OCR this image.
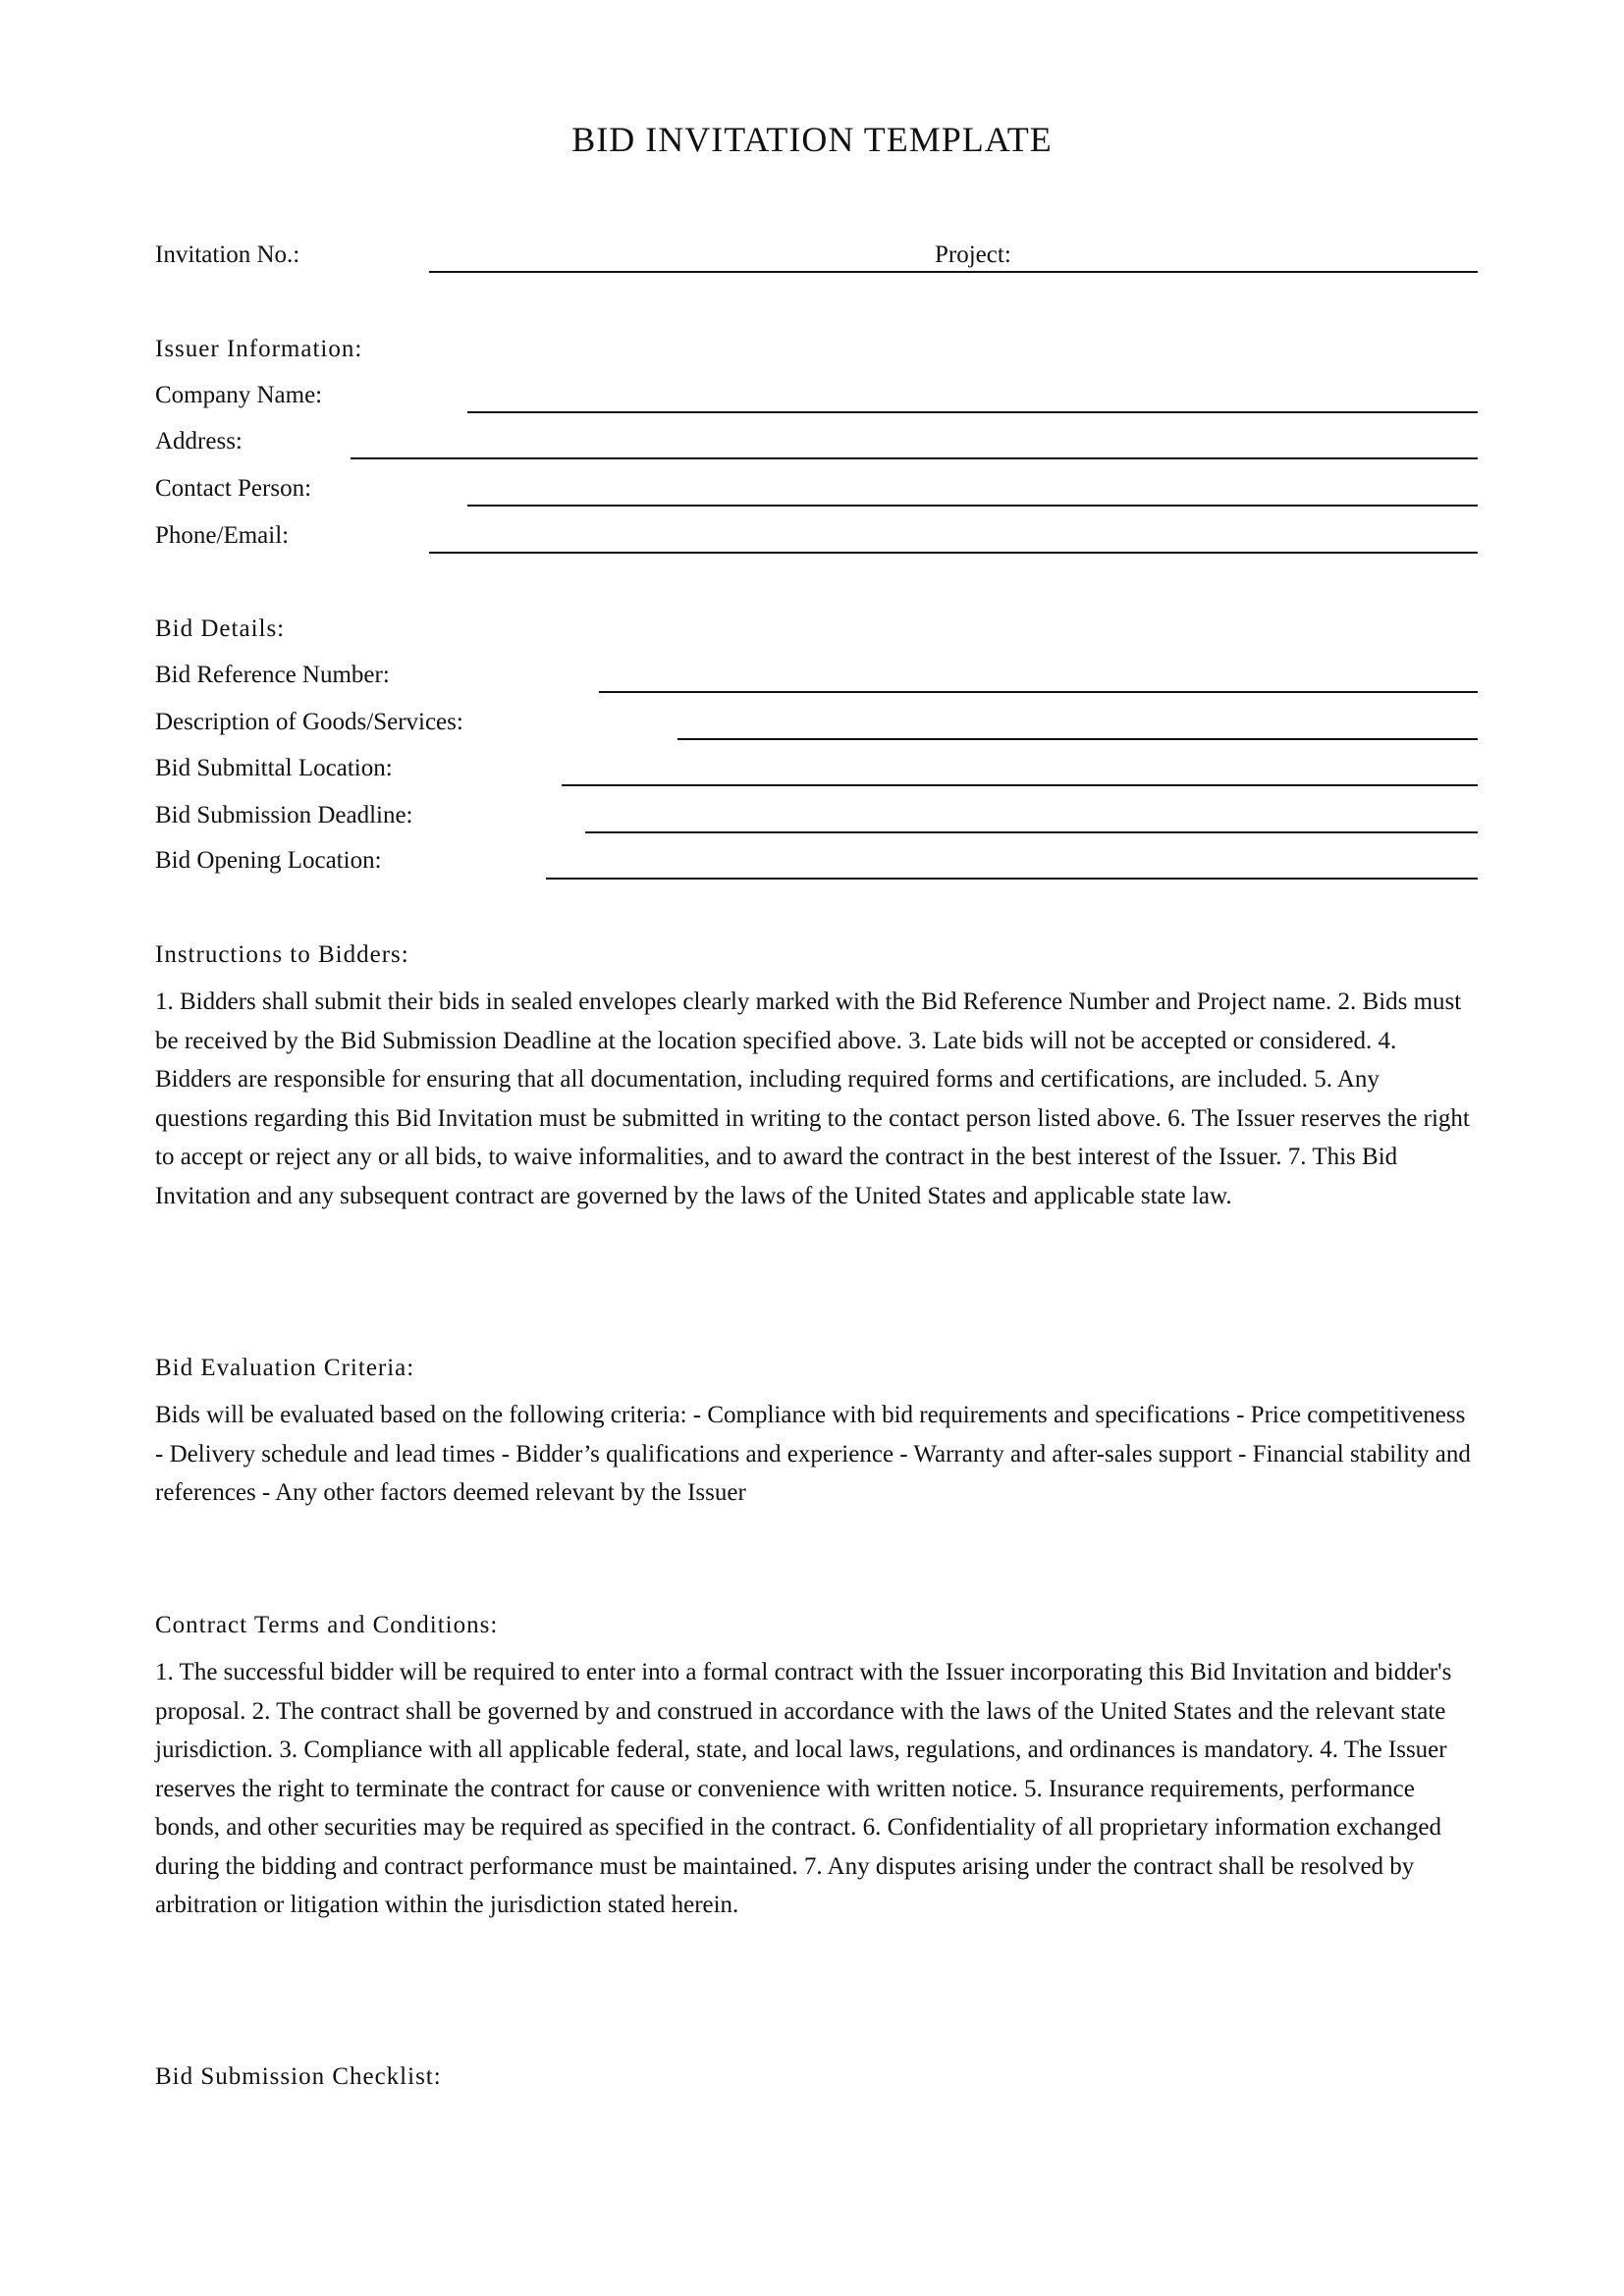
BID INVITATION TEMPLATE
Invitation No.:	Project:
Issuer Information:
Company Name:
Address:
Contact Person:
Phone/Email:
Bid Details:
Bid Reference Number:
Description of Goods/Services:
Bid Submittal Location:
Bid Submission Deadline:
Bid Opening Location:
Instructions to Bidders:
1. Bidders shall submit their bids in sealed envelopes clearly marked with the Bid Reference Number and Project name. 2. Bids must be received by the Bid Submission Deadline at the location specified above. 3. Late bids will not be accepted or considered. 4. Bidders are responsible for ensuring that all documentation, including required forms and certifications, are included. 5. Any questions regarding this Bid Invitation must be submitted in writing to the contact person listed above. 6. The Issuer reserves the right to accept or reject any or all bids, to waive informalities, and to award the contract in the best interest of the Issuer. 7. This Bid Invitation and any subsequent contract are governed by the laws of the United States and applicable state law.
Bid Evaluation Criteria:
Bids will be evaluated based on the following criteria: - Compliance with bid requirements and specifications - Price competitiveness - Delivery schedule and lead times - Bidder’s qualifications and experience - Warranty and after-sales support - Financial stability and references - Any other factors deemed relevant by the Issuer
Contract Terms and Conditions:
1. The successful bidder will be required to enter into a formal contract with the Issuer incorporating this Bid Invitation and bidder's proposal. 2. The contract shall be governed by and construed in accordance with the laws of the United States and the relevant state jurisdiction. 3. Compliance with all applicable federal, state, and local laws, regulations, and ordinances is mandatory. 4. The Issuer reserves the right to terminate the contract for cause or convenience with written notice. 5. Insurance requirements, performance bonds, and other securities may be required as specified in the contract. 6. Confidentiality of all proprietary information exchanged during the bidding and contract performance must be maintained. 7. Any disputes arising under the contract shall be resolved by arbitration or litigation within the jurisdiction stated herein.
Bid Submission Checklist:
